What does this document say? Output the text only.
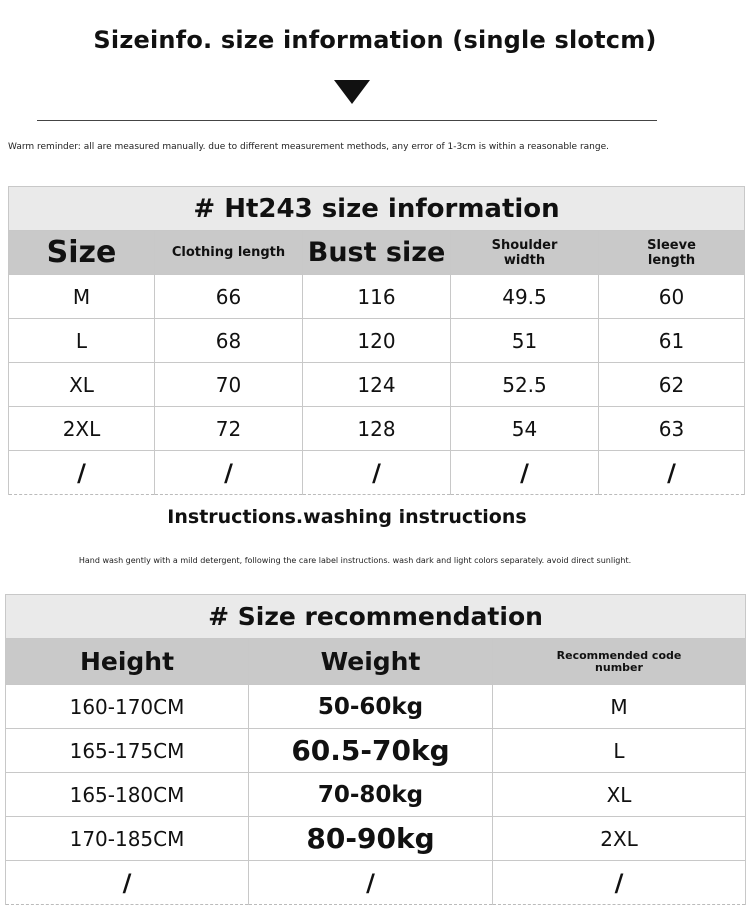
Sizeinfo. size information (single slotcm)
Warm reminder: all are measured manually. due to different measurement methods, any error of 1-3cm is within a reasonable range.
# Ht243 size information				
Size	Clothing length	Bust size	Shoulder width	Sleeve length

M	66	116	49.5	60
L	68	120	51	61
XL	70	124	52.5	62
2XL	72	128	54	63
/	/	/	/	/
Instructions.washing instructions
Hand wash gently with a mild detergent, following the care label instructions. wash dark and light colors separately. avoid direct sunlight.
# Size recommendation		
Height	Weight	Recommended code number

160-170CM	50-60kg	M
165-175CM	60.5-70kg	L
165-180CM	70-80kg	XL
170-185CM	80-90kg	2XL
/	/	/
